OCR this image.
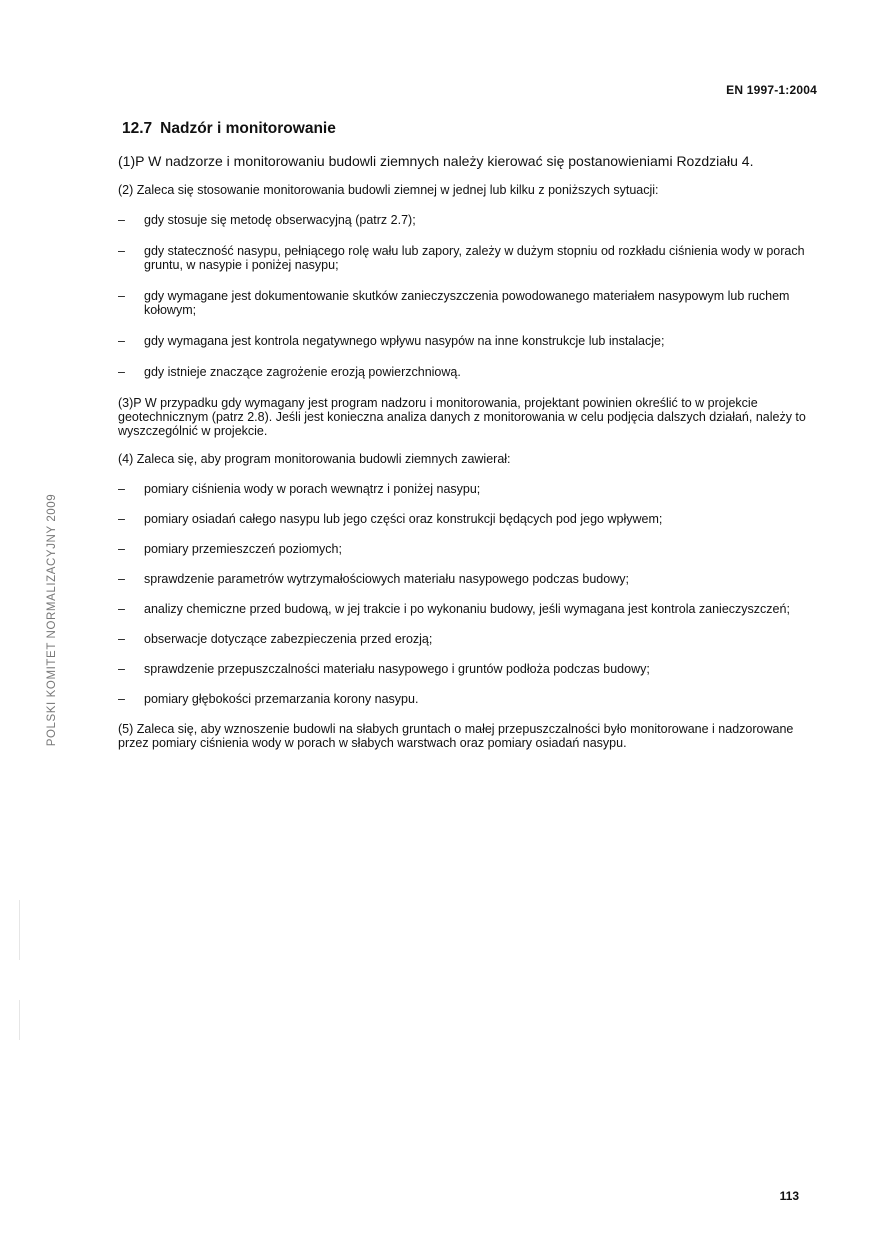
EN 1997-1:2004
POLSKI KOMITET NORMALIZACYJNY 2009
12.7 Nadzór i monitorowanie

(1)P W nadzorze i monitorowaniu budowli ziemnych należy kierować się postanowieniami Rozdziału 4.

(2) Zaleca się stosowanie monitorowania budowli ziemnej w jednej lub kilku z poniższych sytuacji:

– gdy stosuje się metodę obserwacyjną (patrz 2.7);
– gdy stateczność nasypu, pełniącego rolę wału lub zapory, zależy w dużym stopniu od rozkładu ciśnienia wody w porach gruntu, w nasypie i poniżej nasypu;
– gdy wymagane jest dokumentowanie skutków zanieczyszczenia powodowanego materiałem nasypowym lub ruchem kołowym;
– gdy wymagana jest kontrola negatywnego wpływu nasypów na inne konstrukcje lub instalacje;
– gdy istnieje znaczące zagrożenie erozją powierzchniową.

(3)P W przypadku gdy wymagany jest program nadzoru i monitorowania, projektant powinien określić to w projekcie geotechnicznym (patrz 2.8). Jeśli jest konieczna analiza danych z monitorowania w celu podjęcia dalszych działań, należy to wyszczególnić w projekcie.

(4) Zaleca się, aby program monitorowania budowli ziemnych zawierał:

– pomiary ciśnienia wody w porach wewnątrz i poniżej nasypu;
– pomiary osiadań całego nasypu lub jego części oraz konstrukcji będących pod jego wpływem;
– pomiary przemieszczeń poziomych;
– sprawdzenie parametrów wytrzymałościowych materiału nasypowego podczas budowy;
– analizy chemiczne przed budową, w jej trakcie i po wykonaniu budowy, jeśli wymagana jest kontrola zanieczyszczeń;
– obserwacje dotyczące zabezpieczenia przed erozją;
– sprawdzenie przepuszczalności materiału nasypowego i gruntów podłoża podczas budowy;
– pomiary głębokości przemarzania korony nasypu.

(5) Zaleca się, aby wznoszenie budowli na słabych gruntach o małej przepuszczalności było monitorowane i nadzorowane przez pomiary ciśnienia wody w porach w słabych warstwach oraz pomiary osiadań nasypu.

113
